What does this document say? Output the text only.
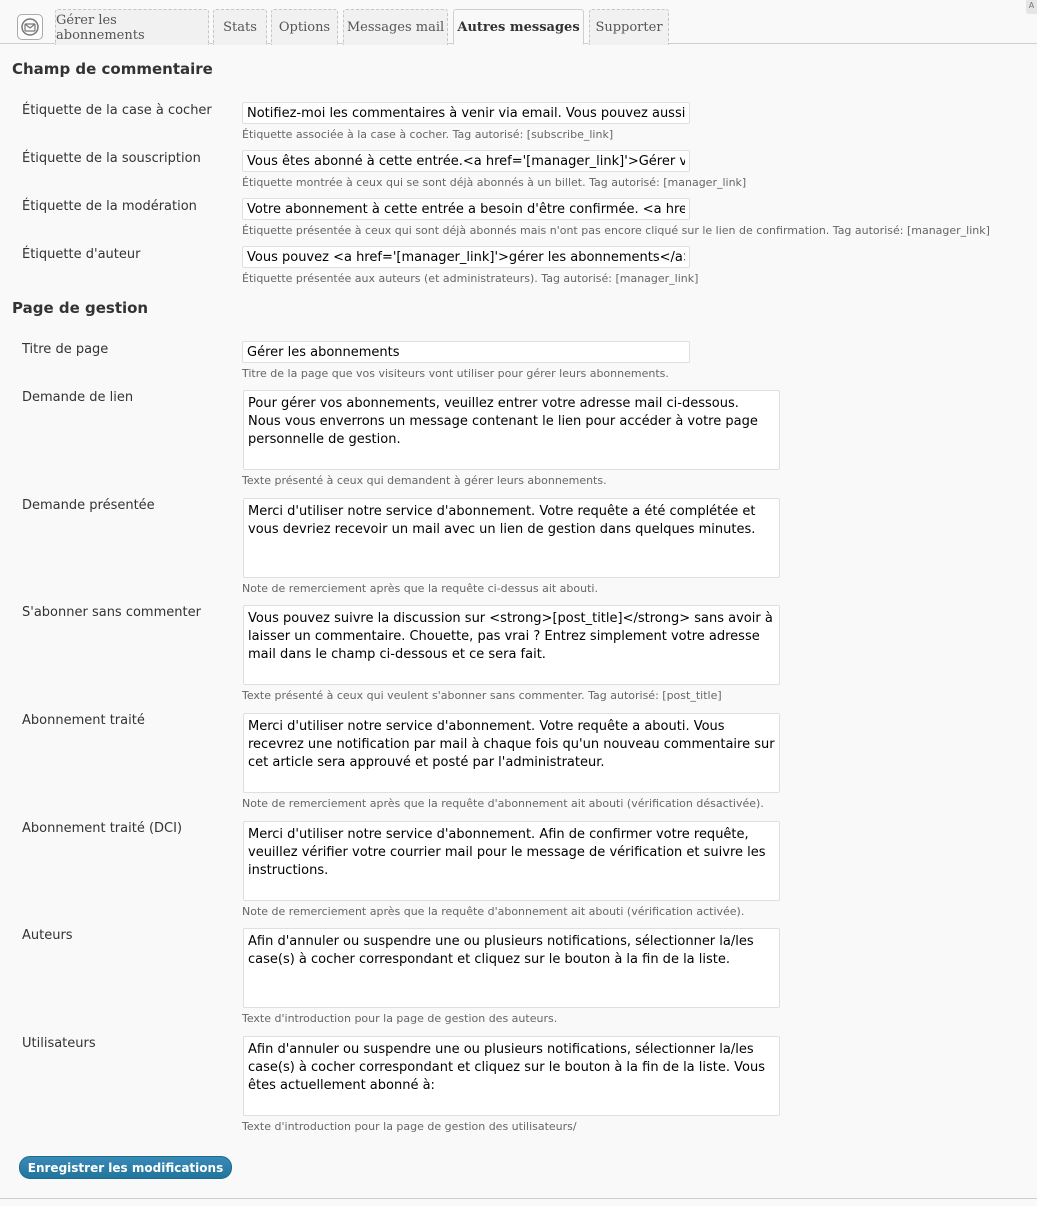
Gérer les abonnements	Stats	Options	Messages mail	Autres messages	Supporter
A
Champ de commentaire
Étiquette de la case à cocher
Notifiez-moi les commentaires à venir via email. Vous pouvez aussi <a href='[subscribe_link]'>vous abonner</a> sans commenter.
Étiquette associée à la case à cocher. Tag autorisé: [subscribe_link]
Étiquette de la souscription
Vous êtes abonné à cette entrée.<a href='[manager_link]'>Gérer vos abonnements</a>.
Étiquette montrée à ceux qui se sont déjà abonnés à un billet. Tag autorisé: [manager_link]
Étiquette de la modération
Votre abonnement à cette entrée a besoin d'être confirmée. <a href='[manager_link]'>Gérer vos abonnements</a>.
Étiquette présentée à ceux qui sont déjà abonnés mais n'ont pas encore cliqué sur le lien de confirmation. Tag autorisé: [manager_link]
Étiquette d'auteur
Vous pouvez <a href='[manager_link]'>gérer les abonnements</a> de cet article.
Étiquette présentée aux auteurs (et administrateurs). Tag autorisé: [manager_link]
Page de gestion
Titre de page
Gérer les abonnements
Titre de la page que vos visiteurs vont utiliser pour gérer leurs abonnements.
Demande de lien
Pour gérer vos abonnements, veuillez entrer votre adresse mail ci-dessous. Nous vous enverrons un message contenant le lien pour accéder à votre page personnelle de gestion.
Texte présenté à ceux qui demandent à gérer leurs abonnements.
Demande présentée
Merci d'utiliser notre service d'abonnement. Votre requête a été complétée et vous devriez recevoir un mail avec un lien de gestion dans quelques minutes.
Note de remerciement après que la requête ci-dessus ait abouti.
S'abonner sans commenter
Vous pouvez suivre la discussion sur <strong>[post_title]</strong> sans avoir à laisser un commentaire. Chouette, pas vrai ? Entrez simplement votre adresse mail dans le champ ci-dessous et ce sera fait.
Texte présenté à ceux qui veulent s'abonner sans commenter. Tag autorisé: [post_title]
Abonnement traité
Merci d'utiliser notre service d'abonnement. Votre requête a abouti. Vous recevrez une notification par mail à chaque fois qu'un nouveau commentaire sur cet article sera approuvé et posté par l'administrateur.
Note de remerciement après que la requête d'abonnement ait abouti (vérification désactivée).
Abonnement traité (DCI)
Merci d'utiliser notre service d'abonnement. Afin de confirmer votre requête, veuillez vérifier votre courrier mail pour le message de vérification et suivre les instructions.
Note de remerciement après que la requête d'abonnement ait abouti (vérification activée).
Auteurs
Afin d'annuler ou suspendre une ou plusieurs notifications, sélectionner la/les case(s) à cocher correspondant et cliquez sur le bouton à la fin de la liste.
Texte d'introduction pour la page de gestion des auteurs.
Utilisateurs
Afin d'annuler ou suspendre une ou plusieurs notifications, sélectionner la/les case(s) à cocher correspondant et cliquez sur le bouton à la fin de la liste. Vous êtes actuellement abonné à:
Texte d'introduction pour la page de gestion des utilisateurs/
Enregistrer les modifications
